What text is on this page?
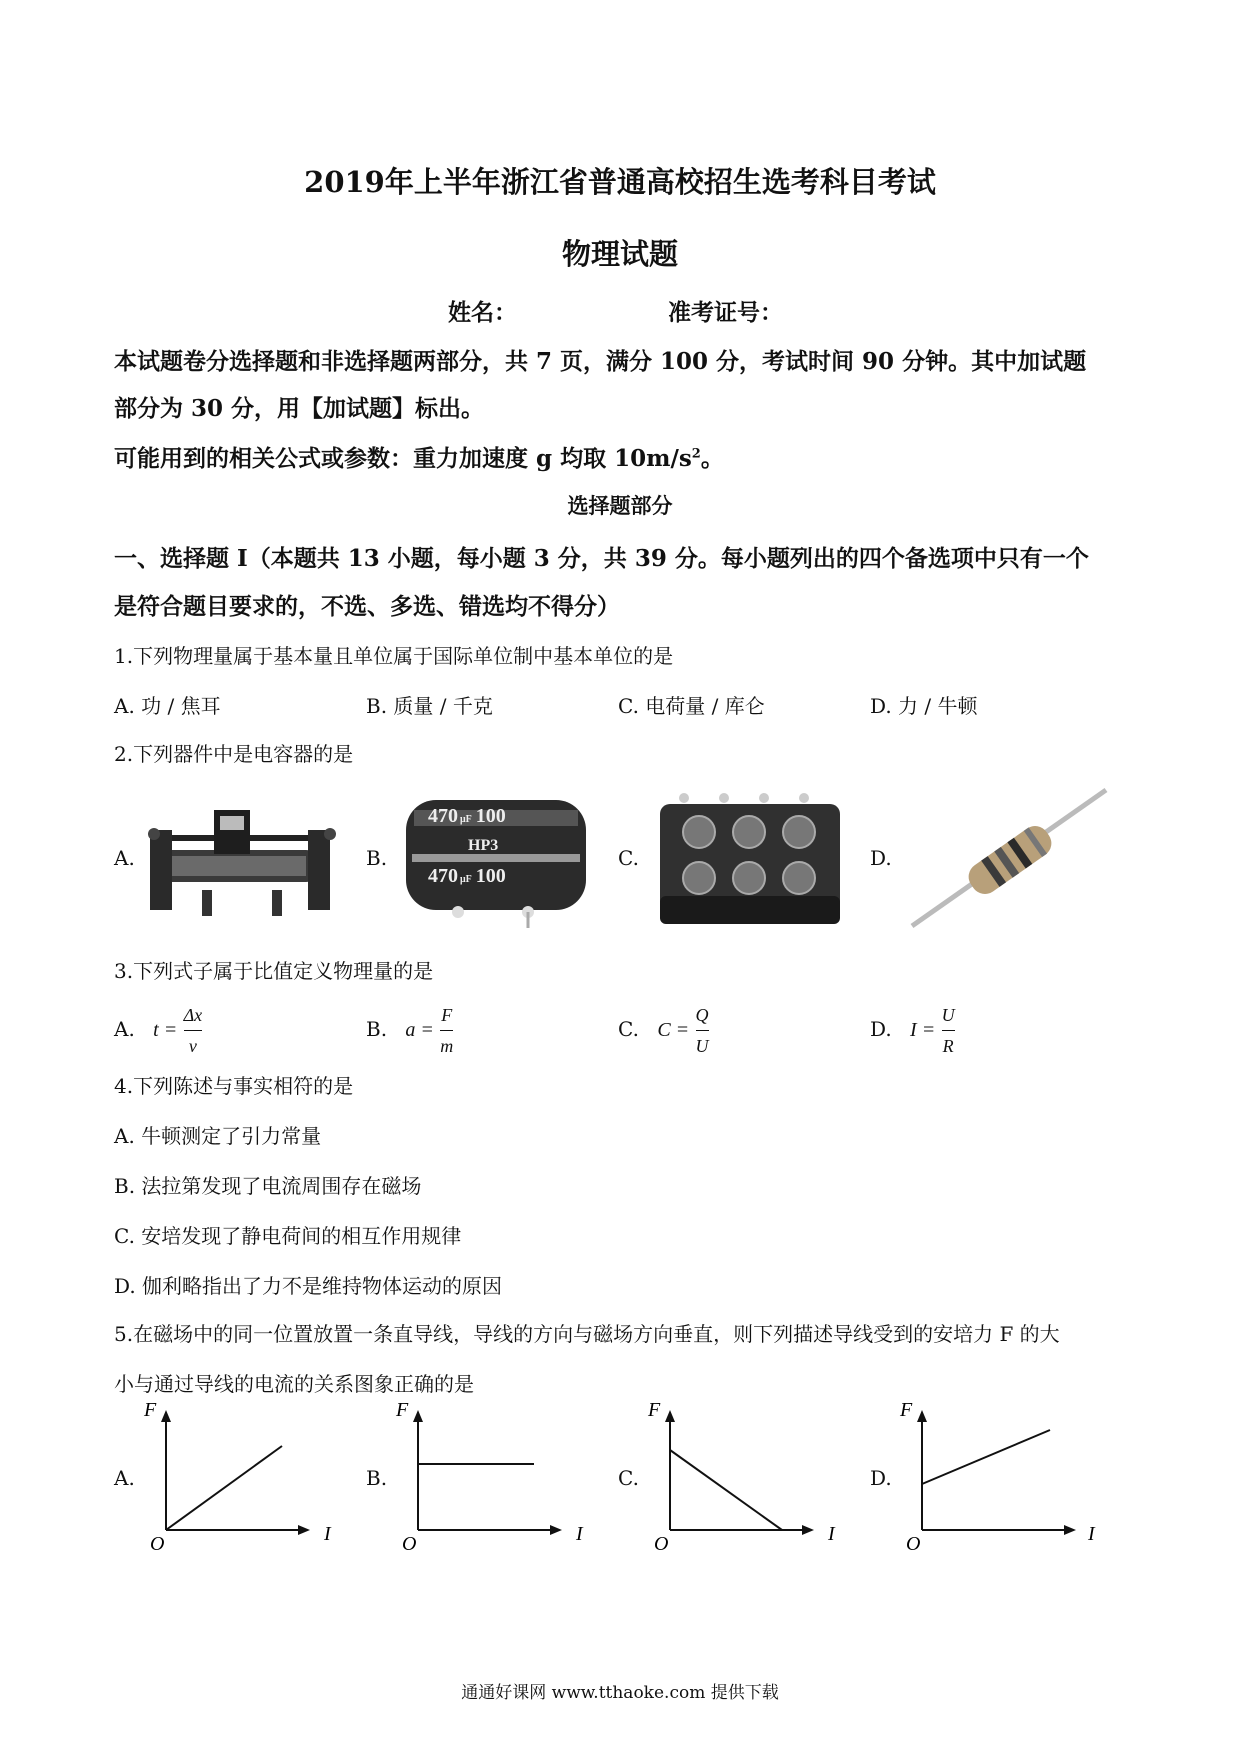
2019年上半年浙江省普通高校招生选考科目考试
物理试题
姓名：	准考证号：
本试题卷分选择题和非选择题两部分，共 7 页，满分 100 分，考试时间 90 分钟。其中加试题
部分为 30 分，用【加试题】标出。
可能用到的相关公式或参数：重力加速度 g 均取 $10m/s^2$。
选择题部分
一、选择题 I（本题共 13 小题，每小题 3 分，共 39 分。每小题列出的四个备选项中只有一个
是符合题目要求的，不选、多选、错选均不得分）
1.下列物理量属于基本量且单位属于国际单位制中基本单位的是
A. 功 / 焦耳	B. 质量 / 千克	C. 电荷量 / 库仑	D. 力 / 牛顿
2.下列器件中是电容器的是
A.	B.	C.	D.
470 μF 100
HP3
470 μF 100
3.下列式子属于比值定义物理量的是
A. $t = \frac{\Delta x}{v}$	B. $a = \frac{F}{m}$	C. $C = \frac{Q}{U}$	D. $I = \frac{U}{R}$
4.下列陈述与事实相符的是
A. 牛顿测定了引力常量
B. 法拉第发现了电流周围存在磁场
C. 安培发现了静电荷间的相互作用规律
D. 伽利略指出了力不是维持物体运动的原因
5.在磁场中的同一位置放置一条直导线，导线的方向与磁场方向垂直，则下列描述导线受到的安培力 F 的大
小与通过导线的电流的关系图象正确的是
A.	B.	C.	D.
F
I
O
F
I
O
F
I
O
F
I
O
通通好课网 www.tthaoke.com 提供下载
